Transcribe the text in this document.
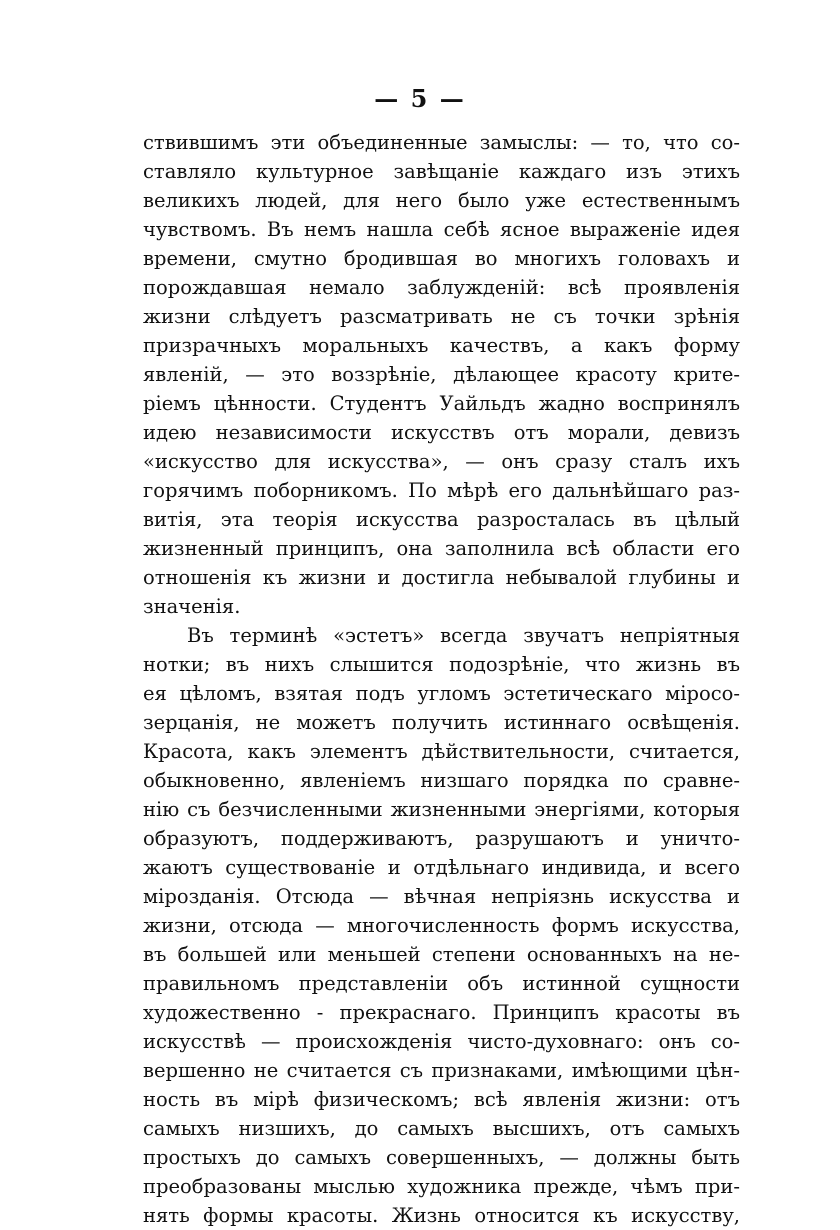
— 5 —
ствившимъ эти объединенные замыслы: — то, что со-
ставляло культурное завѣщаніе каждаго изъ этихъ
великихъ людей, для него было уже естественнымъ
чувствомъ. Въ немъ нашла себѣ ясное выраженіе идея
времени, смутно бродившая во многихъ головахъ и
порождавшая немало заблужденій: всѣ проявленія
жизни слѣдуетъ разсматривать не съ точки зрѣнія
призрачныхъ моральныхъ качествъ, а какъ форму
явленій, — это воззрѣніе, дѣлающее красоту крите-
ріемъ цѣнности. Студентъ Уайльдъ жадно воспринялъ
идею независимости искусствъ отъ морали, девизъ
«искусство для искусства», — онъ сразу сталъ ихъ
горячимъ поборникомъ. По мѣрѣ его дальнѣйшаго раз-
витія, эта теорія искусства разросталась въ цѣлый
жизненный принципъ, она заполнила всѣ области его
отношенія къ жизни и достигла небывалой глубины и
значенія.
Въ терминѣ «эстетъ» всегда звучатъ непріятныя
нотки; въ нихъ слышится подозрѣніе, что жизнь въ
ея цѣломъ, взятая подъ угломъ эстетическаго міросо-
зерцанія, не можетъ получить истиннаго освѣщенія.
Красота, какъ элементъ дѣйствительности, считается,
обыкновенно, явленіемъ низшаго порядка по сравне-
нію съ безчисленными жизненными энергіями, которыя
образуютъ, поддерживаютъ, разрушаютъ и уничто-
жаютъ существованіе и отдѣльнаго индивида, и всего
мірозданія. Отсюда — вѣчная непріязнь искусства и
жизни, отсюда — многочисленность формъ искусства,
въ большей или меньшей степени основанныхъ на не-
правильномъ представленіи объ истинной сущности
художественно - прекраснаго. Принципъ красоты въ
искусствѣ — происхожденія чисто-духовнаго: онъ со-
вершенно не считается съ признаками, имѣющими цѣн-
ность въ мірѣ физическомъ; всѣ явленія жизни: отъ
самыхъ низшихъ, до самыхъ высшихъ, отъ самыхъ
простыхъ до самыхъ совершенныхъ, — должны быть
преобразованы мыслью художника прежде, чѣмъ при-
нять формы красоты. Жизнь относится къ искусству,
